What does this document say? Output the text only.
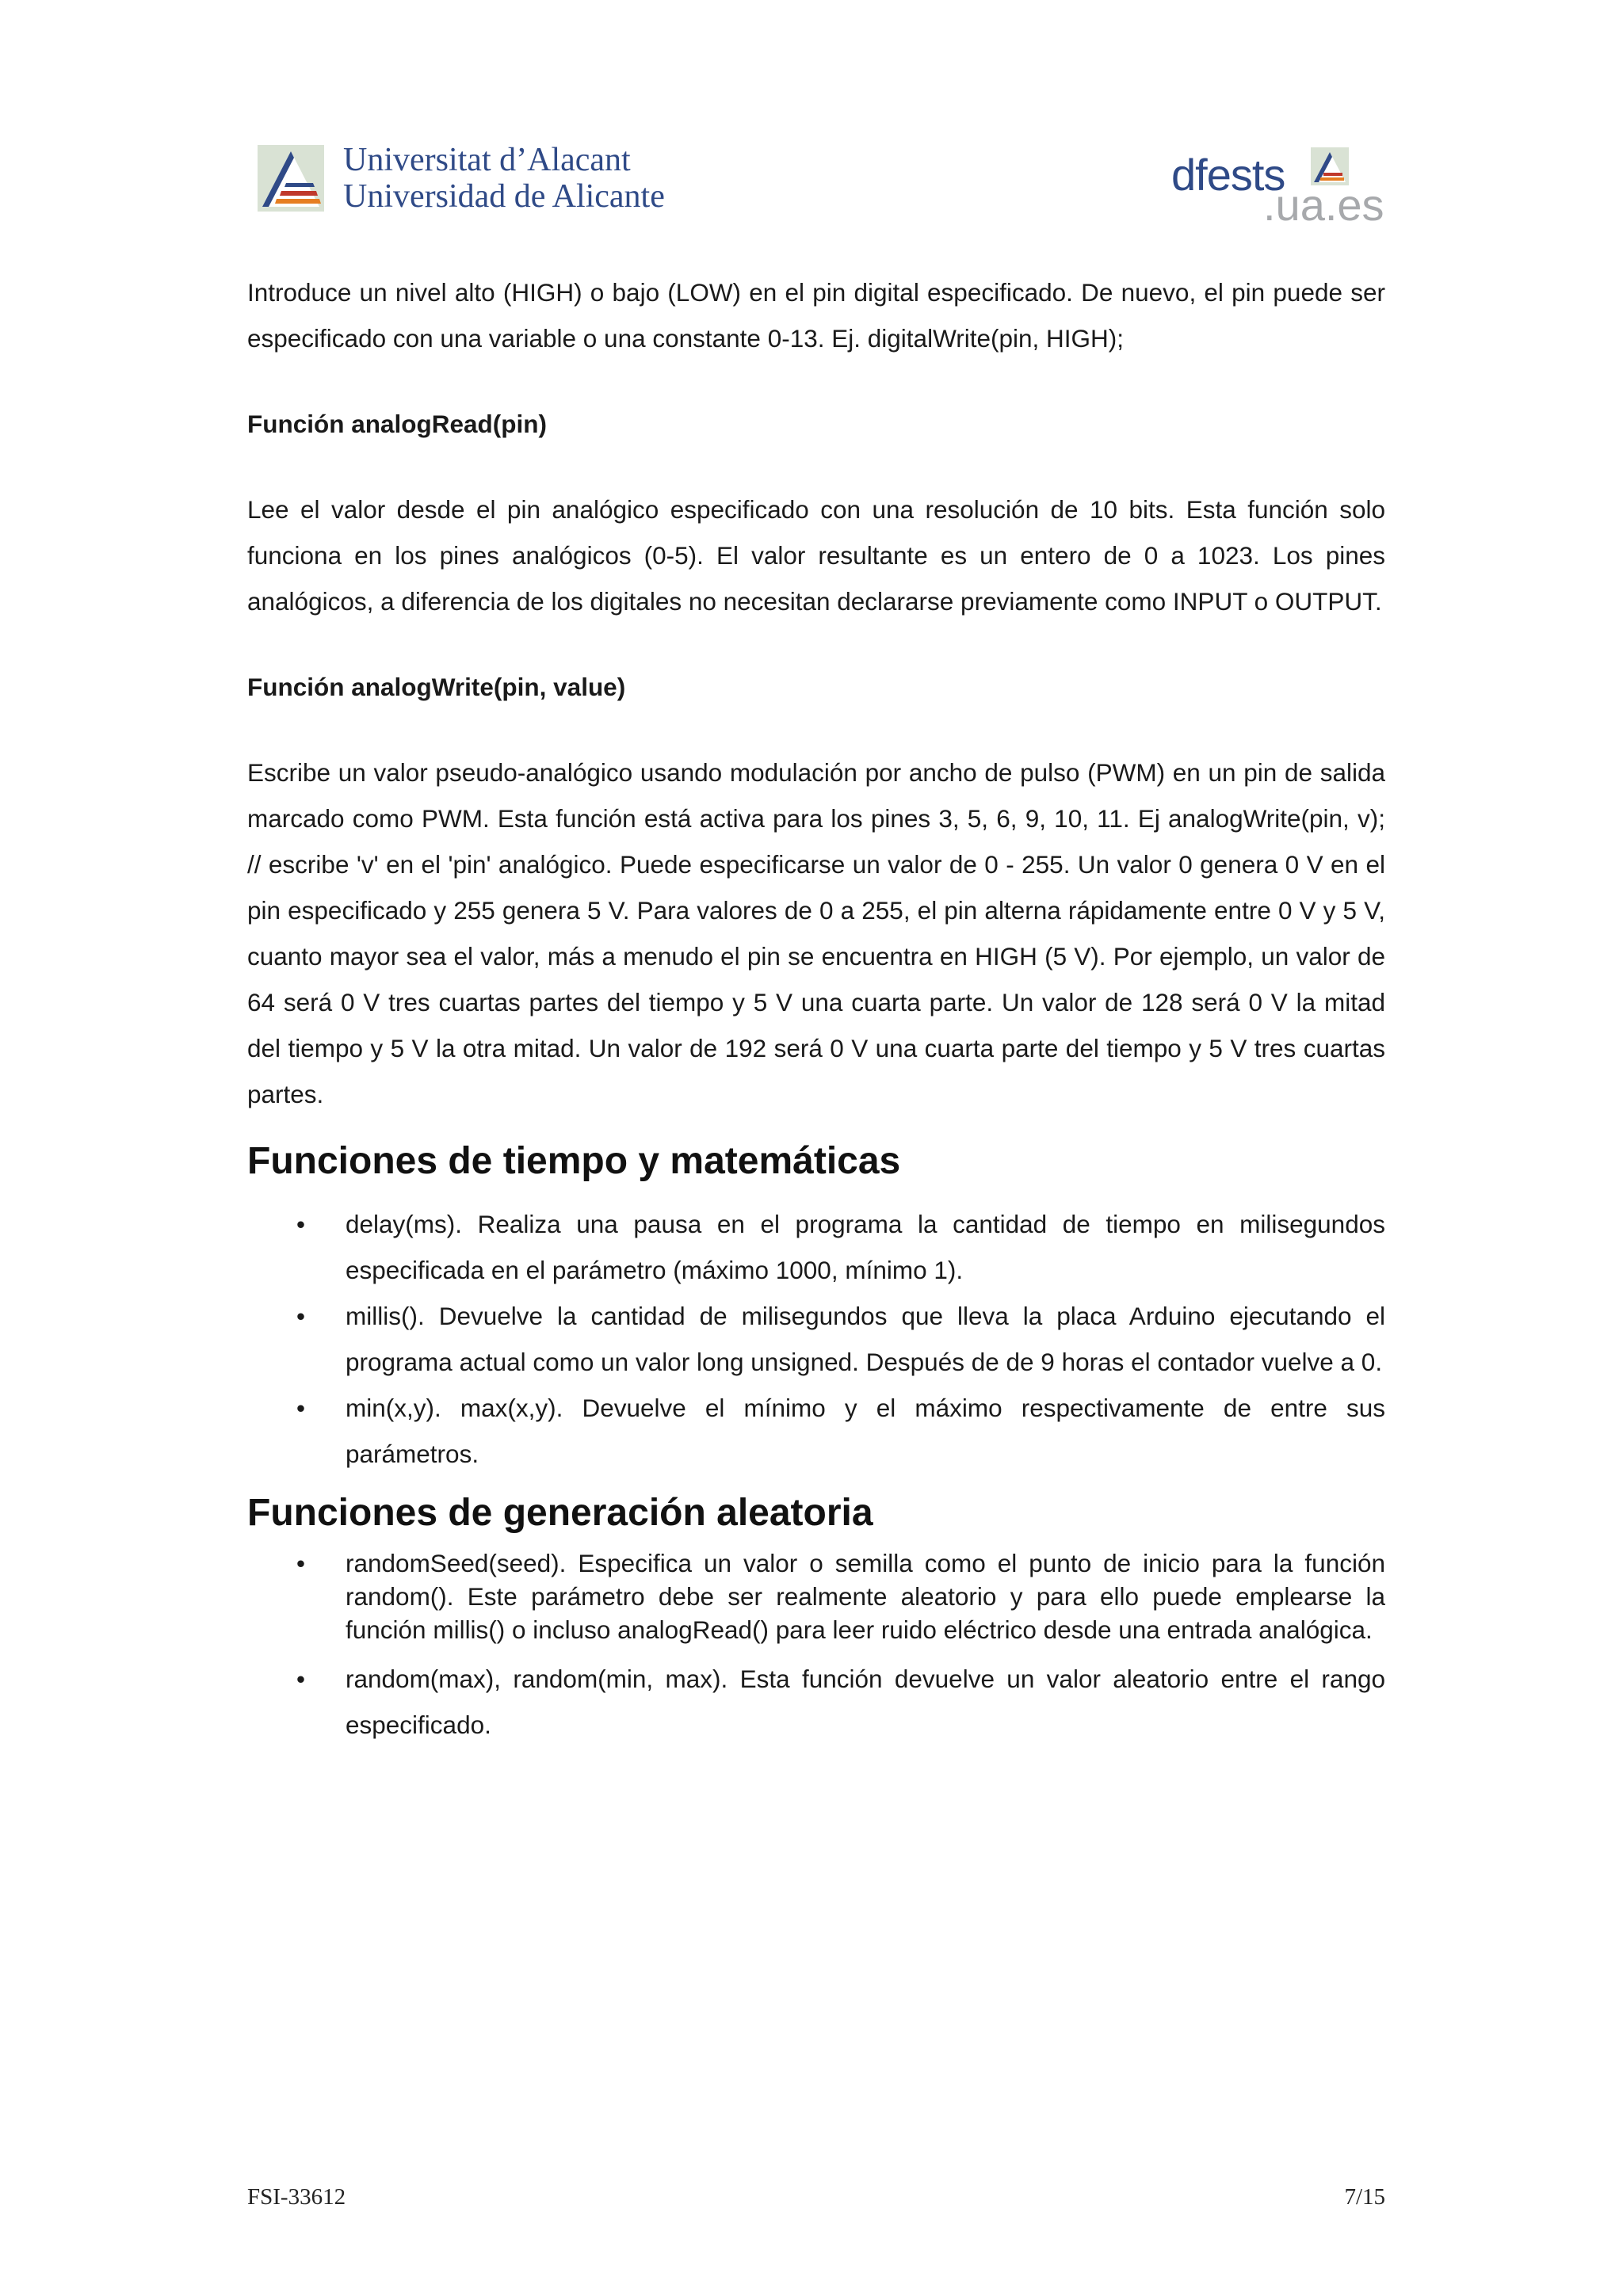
Universitat d’Alacant
Universidad de Alicante	dfests
.ua.es

Introduce un nivel alto (HIGH) o bajo (LOW) en el pin digital especificado. De nuevo, el pin puede ser especificado con una variable o una constante 0-13. Ej. digitalWrite(pin, HIGH);

Función analogRead(pin)

Lee el valor desde el pin analógico especificado con una resolución de 10 bits. Esta función solo funciona en los pines analógicos (0-5). El valor resultante es un entero de 0 a 1023. Los pines analógicos, a diferencia de los digitales no necesitan declararse previamente como INPUT o OUTPUT.

Función analogWrite(pin, value)

Escribe un valor pseudo-analógico usando modulación por ancho de pulso (PWM) en un pin de salida marcado como PWM. Esta función está activa para los pines 3, 5, 6, 9, 10, 11. Ej analogWrite(pin, v); // escribe 'v' en el 'pin' analógico. Puede especificarse un valor de 0 - 255. Un valor 0 genera 0 V en el pin especificado y 255 genera 5 V. Para valores de 0 a 255, el pin alterna rápidamente entre 0 V y 5 V, cuanto mayor sea el valor, más a menudo el pin se encuentra en HIGH (5 V). Por ejemplo, un valor de 64 será 0 V tres cuartas partes del tiempo y 5 V una cuarta parte. Un valor de 128 será 0 V la mitad del tiempo y 5 V la otra mitad. Un valor de 192 será 0 V una cuarta parte del tiempo y 5 V tres cuartas partes.

Funciones de tiempo y matemáticas
• delay(ms). Realiza una pausa en el programa la cantidad de tiempo en milisegundos especificada en el parámetro (máximo 1000, mínimo 1).
• millis(). Devuelve la cantidad de milisegundos que lleva la placa Arduino ejecutando el programa actual como un valor long unsigned. Después de de 9 horas el contador vuelve a 0.
• min(x,y). max(x,y). Devuelve el mínimo y el máximo respectivamente de entre sus parámetros.
Funciones de generación aleatoria
• randomSeed(seed). Especifica un valor o semilla como el punto de inicio para la función random(). Este parámetro debe ser realmente aleatorio y para ello puede emplearse la función millis() o incluso analogRead() para leer ruido eléctrico desde una entrada analógica.
• random(max), random(min, max). Esta función devuelve un valor aleatorio entre el rango especificado.
FSI-33612	7/15
